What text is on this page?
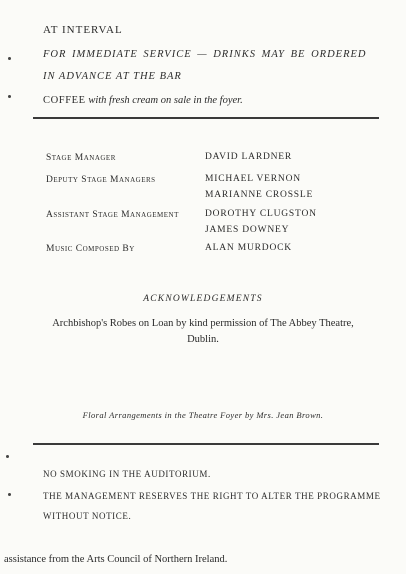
AT INTERVAL
FOR IMMEDIATE SERVICE — DRINKS MAY BE ORDERED
IN ADVANCE AT THE BAR
COFFEE with fresh cream on sale in the foyer.
Stage Manager	DAVID LARDNER
Deputy Stage Managers	MICHAEL VERNON
MARIANNE CROSSLE
Assistant Stage Management	DOROTHY CLUGSTON
JAMES DOWNEY
Music Composed By	ALAN MURDOCK
ACKNOWLEDGEMENTS
Archbishop's Robes on Loan by kind permission of The Abbey Theatre,
Dublin.
Floral Arrangements in the Theatre Foyer by Mrs. Jean Brown.
NO SMOKING IN THE AUDITORIUM.
THE MANAGEMENT RESERVES THE RIGHT TO ALTER THE PROGRAMME
WITHOUT NOTICE.
assistance from the Arts Council of Northern Ireland.
